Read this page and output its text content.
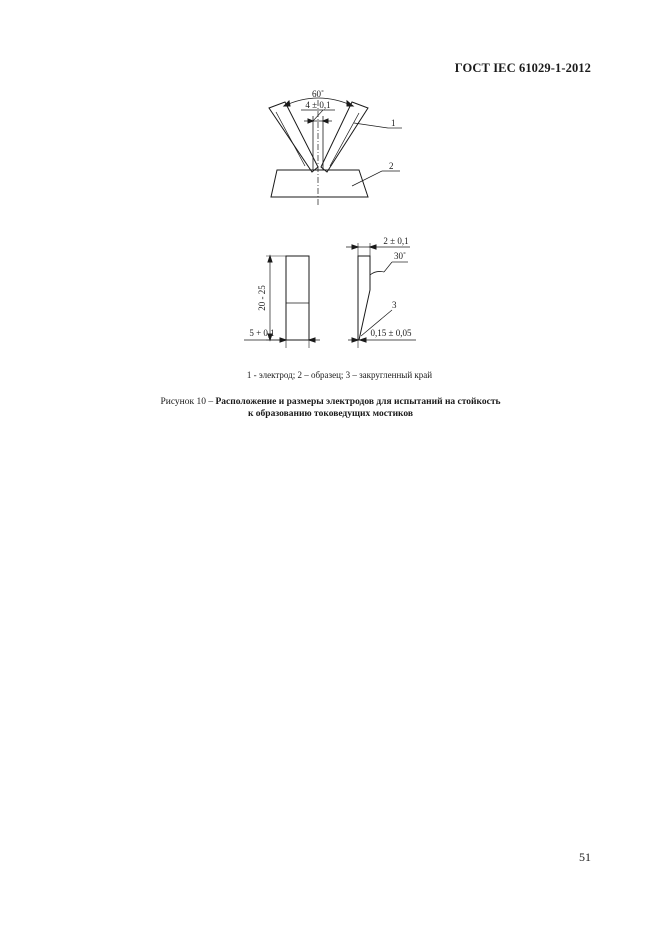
ГОСТ IEC 61029-1-2012
60˚
4 ± 0,1
1
2
20 - 25
5 + 0,1
2 ± 0,1
30˚
3
0,15 ± 0,05
1 - электрод; 2 – образец; 3 – закругленный край
Рисунок 10 – Расположение и размеры электродов для испытаний на стойкость
к образованию токоведущих мостиков
51
